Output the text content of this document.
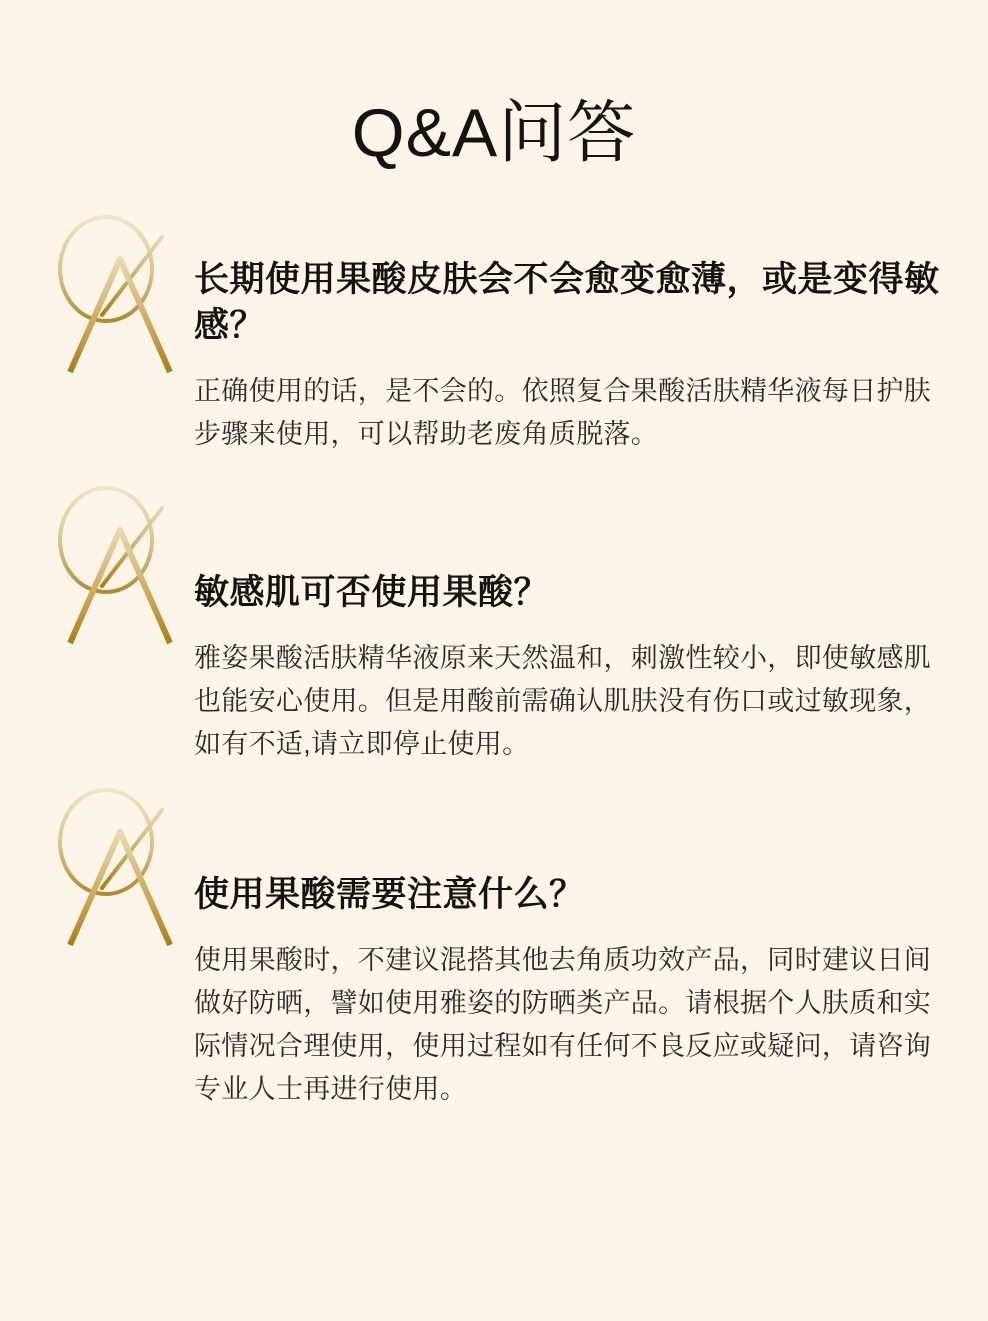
Q&A问答

长期使用果酸皮肤会不会愈变愈薄，或是变得敏感？

正确使用的话，是不会的。依照复合果酸活肤精华液每日护肤步骤来使用，可以帮助老废角质脱落。

敏感肌可否使用果酸？

雅姿果酸活肤精华液原来天然温和，刺激性较小，即使敏感肌也能安心使用。但是用酸前需确认肌肤没有伤口或过敏现象，如有不适,请立即停止使用。

使用果酸需要注意什么？

使用果酸时，不建议混搭其他去角质功效产品，同时建议日间做好防晒，譬如使用雅姿的防晒类产品。请根据个人肤质和实际情况合理使用，使用过程如有任何不良反应或疑问，请咨询专业人士再进行使用。
